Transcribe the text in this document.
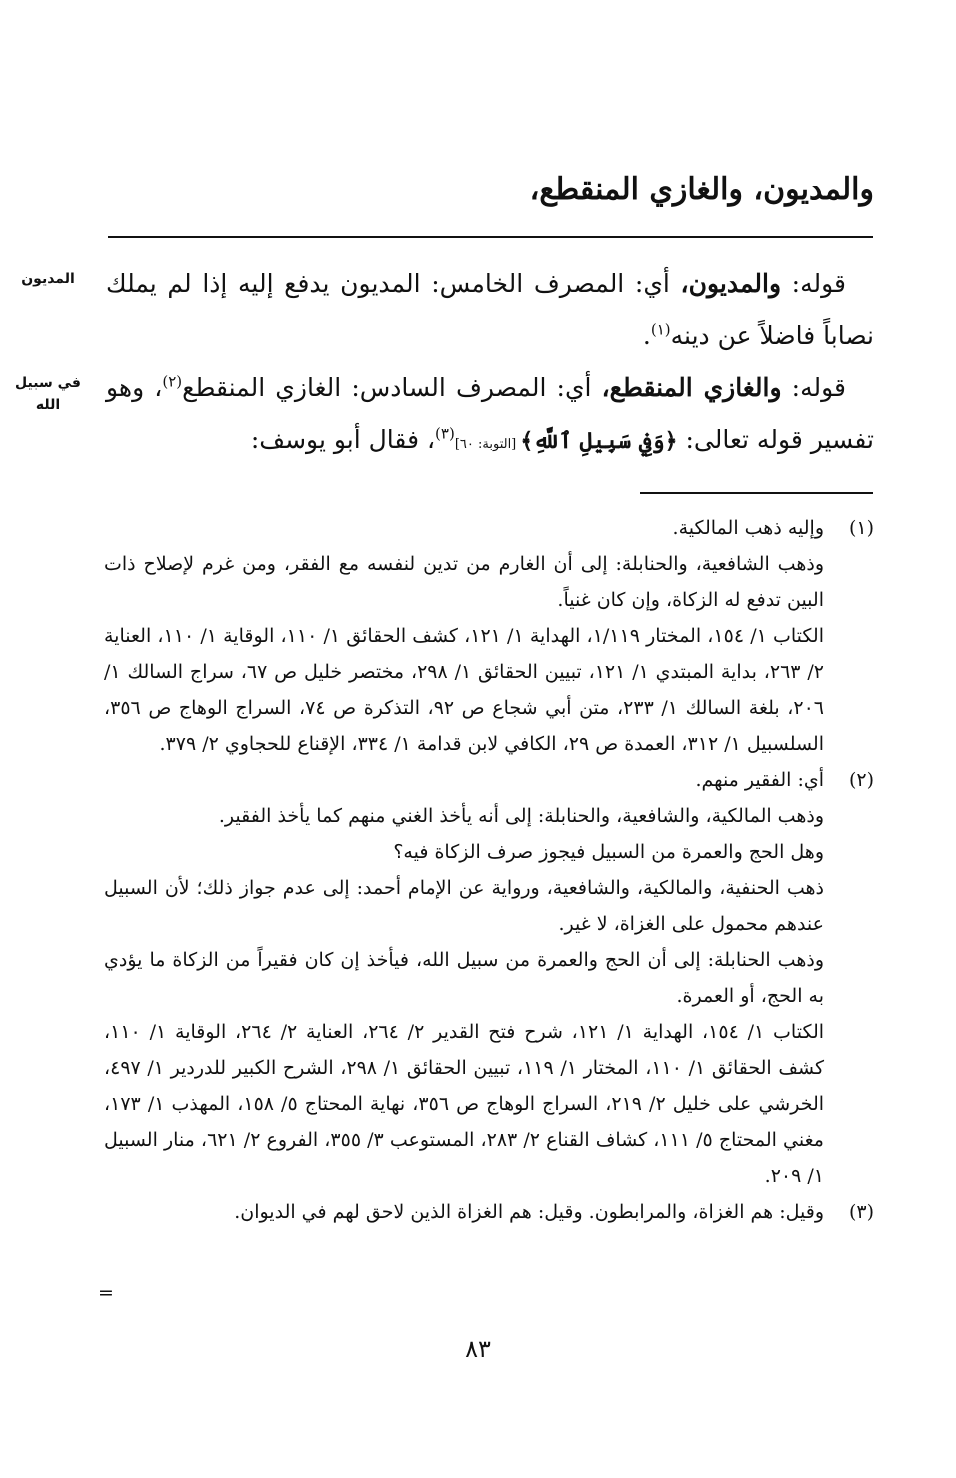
والمديون، والغازي المنقطع،
قوله: والمديون، أي: المصرف الخامس: المديون يدفع إليه إذا لم يملك نصاباً فاضلاً عن دينه$^{(١)}$.
المديون
قوله: والغازي المنقطع، أي: المصرف السادس: الغازي المنقطع$^{(٢)}$، وهو تفسير قوله تعالى: ﴿وَفِي سَبِيلِ ٱللَّهِ﴾ [التوبة: ٦٠]$^{(٣)}$، فقال أبو يوسف:
في سبيل
الله
(١)

وإليه ذهب المالكية.

وذهب الشافعية، والحنابلة: إلى أن الغارم من تدين لنفسه مع الفقر، ومن غرم لإصلاح ذات البين تدفع له الزكاة، وإن كان غنياً.

الكتاب ١/ ١٥٤، المختار ١/١١٩، الهداية ١/ ١٢١، كشف الحقائق ١/ ١١٠، الوقاية ١/ ١١٠، العناية ٢/ ٢٦٣، بداية المبتدي ١/ ١٢١، تبيين الحقائق ١/ ٢٩٨، مختصر خليل ص ٦٧، سراج السالك ١/ ٢٠٦، بلغة السالك ١/ ٢٣٣، متن أبي شجاع ص ٩٢، التذكرة ص ٧٤، السراج الوهاج ص ٣٥٦، السلسبيل ١/ ٣١٢، العمدة ص ٢٩، الكافي لابن قدامة ١/ ٣٣٤، الإقناع للحجاوي ٢/ ٣٧٩.

(٢)

أي: الفقير منهم.

وذهب المالكية، والشافعية، والحنابلة: إلى أنه يأخذ الغني منهم كما يأخذ الفقير.

وهل الحج والعمرة من السبيل فيجوز صرف الزكاة فيه؟

ذهب الحنفية، والمالكية، والشافعية، ورواية عن الإمام أحمد: إلى عدم جواز ذلك؛ لأن السبيل عندهم محمول على الغزاة، لا غير.

وذهب الحنابلة: إلى أن الحج والعمرة من سبيل الله، فيأخذ إن كان فقيراً من الزكاة ما يؤدي به الحج، أو العمرة.

الكتاب ١/ ١٥٤، الهداية ١/ ١٢١، شرح فتح القدير ٢/ ٢٦٤، العناية ٢/ ٢٦٤، الوقاية ١/ ١١٠، كشف الحقائق ١/ ١١٠، المختار ١/ ١١٩، تبيين الحقائق ١/ ٢٩٨، الشرح الكبير للدردير ١/ ٤٩٧، الخرشي على خليل ٢/ ٢١٩، السراج الوهاج ص ٣٥٦، نهاية المحتاج ٥/ ١٥٨، المهذب ١/ ١٧٣، مغني المحتاج ٥/ ١١١، كشاف القناع ٢/ ٢٨٣، المستوعب ٣/ ٣٥٥، الفروع ٢/ ٦٢١، منار السبيل ١/ ٢٠٩.

(٣)

وقيل: هم الغزاة، والمرابطون. وقيل: هم الغزاة الذين لاحق لهم في الديوان.

=
٨٣
